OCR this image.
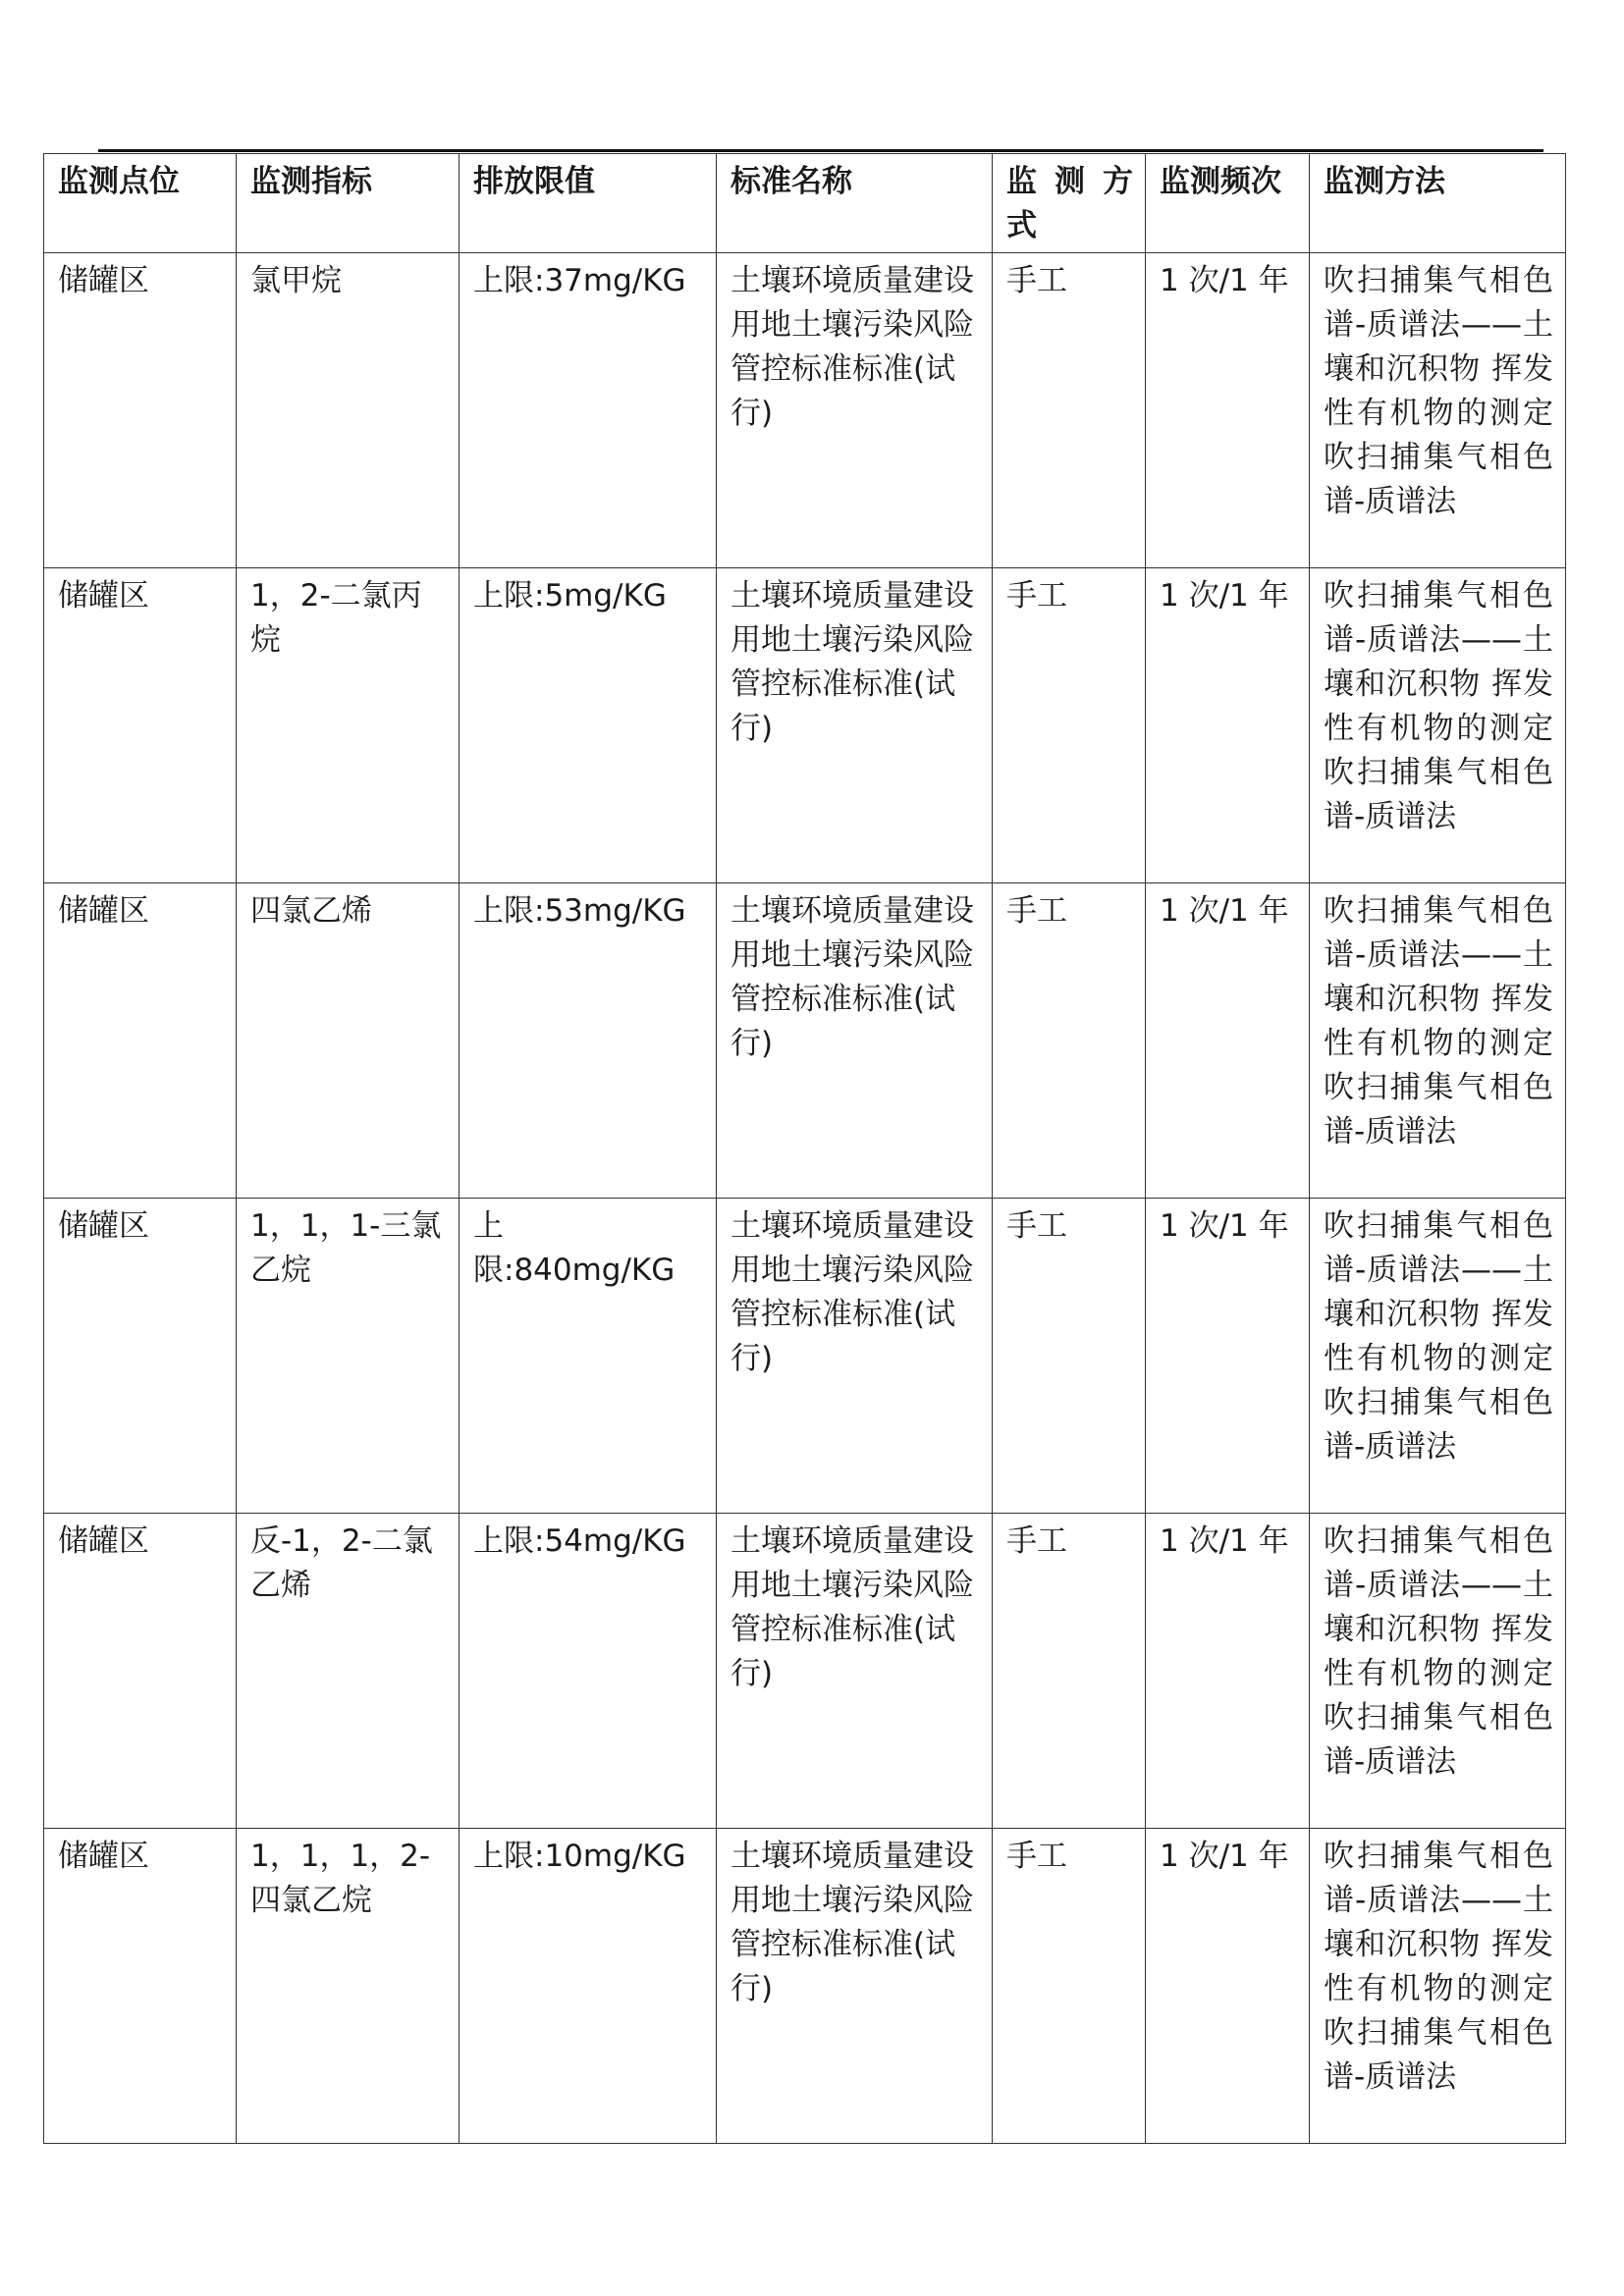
监测点位	监测指标	排放限值	标准名称	监 测 方式	监测频次	监测方法
储罐区	氯甲烷	上限:37mg/KG	土壤环境质量建设用地土壤污染风险管控标准标准(试行)	手工	1 次/1 年	吹扫捕集气相色谱-质谱法——土壤和沉积物 挥发性有机物的测定 吹扫捕集气相色谱-质谱法
储罐区	1，2-二氯丙烷	上限:5mg/KG	土壤环境质量建设用地土壤污染风险管控标准标准(试行)	手工	1 次/1 年	吹扫捕集气相色谱-质谱法——土壤和沉积物 挥发性有机物的测定 吹扫捕集气相色谱-质谱法
储罐区	四氯乙烯	上限:53mg/KG	土壤环境质量建设用地土壤污染风险管控标准标准(试行)	手工	1 次/1 年	吹扫捕集气相色谱-质谱法——土壤和沉积物 挥发性有机物的测定 吹扫捕集气相色谱-质谱法
储罐区	1，1，1-三氯乙烷	上限:840mg/KG	土壤环境质量建设用地土壤污染风险管控标准标准(试行)	手工	1 次/1 年	吹扫捕集气相色谱-质谱法——土壤和沉积物 挥发性有机物的测定 吹扫捕集气相色谱-质谱法
储罐区	反-1，2-二氯乙烯	上限:54mg/KG	土壤环境质量建设用地土壤污染风险管控标准标准(试行)	手工	1 次/1 年	吹扫捕集气相色谱-质谱法——土壤和沉积物 挥发性有机物的测定 吹扫捕集气相色谱-质谱法
储罐区	1，1，1，2-四氯乙烷	上限:10mg/KG	土壤环境质量建设用地土壤污染风险管控标准标准(试行)	手工	1 次/1 年	吹扫捕集气相色谱-质谱法——土壤和沉积物 挥发性有机物的测定 吹扫捕集气相色谱-质谱法
